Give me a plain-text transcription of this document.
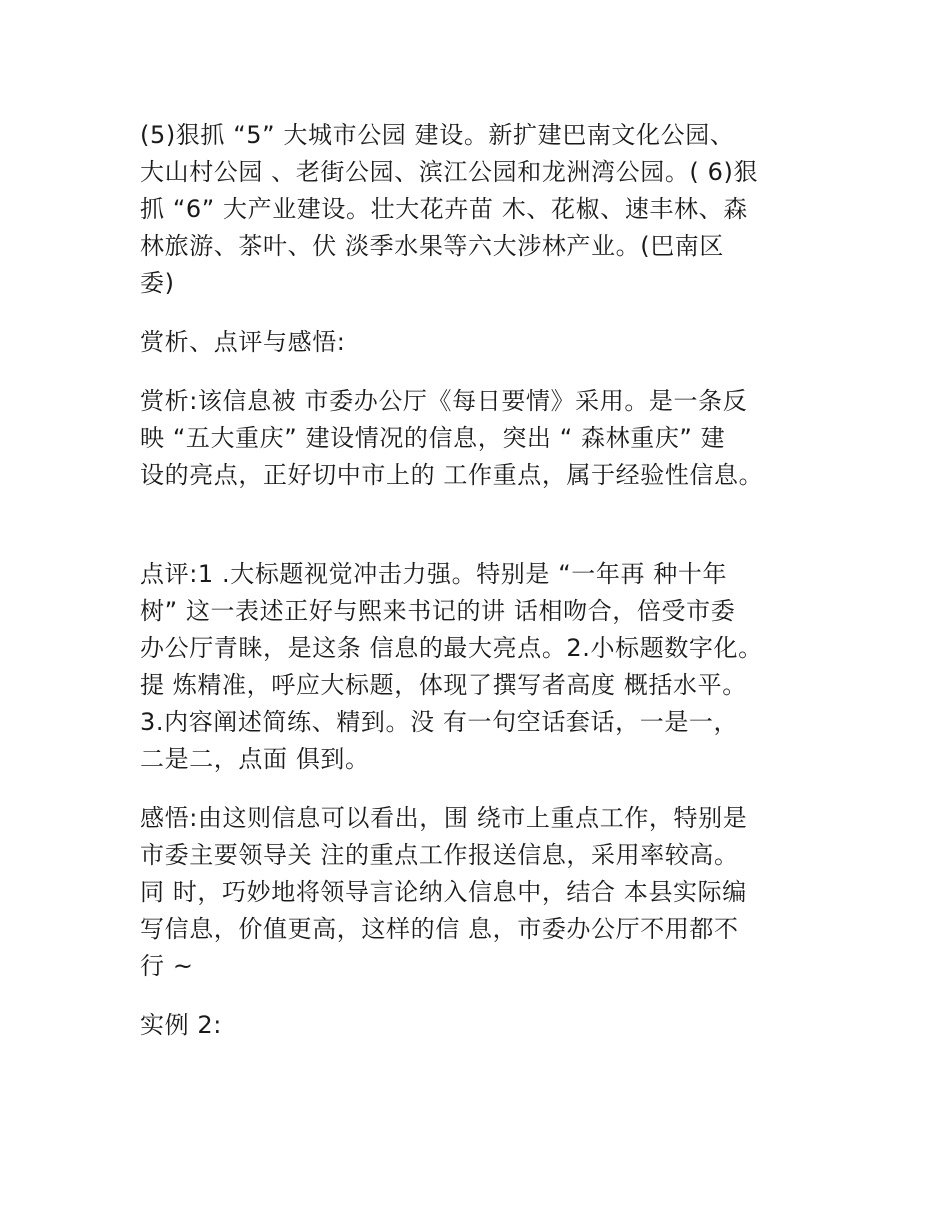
(5)狠抓 “5” 大城市公园 建设。新扩建巴南文化公园、
大山村公园 、老街公园、滨江公园和龙洲湾公园。( 6)狠
抓 “6” 大产业建设。壮大花卉苗 木、花椒、速丰林、森
林旅游、茶叶、伏 淡季水果等六大涉林产业。(巴南区
委)

赏析、点评与感悟:

赏析:该信息被 市委办公厅《每日要情》采用。是一条反
映 “五大重庆” 建设情况的信息，突出 “ 森林重庆” 建
设的亮点，正好切中市上的 工作重点，属于经验性信息。

点评:1 .大标题视觉冲击力强。特别是 “一年再 种十年
树” 这一表述正好与熙来书记的讲 话相吻合，倍受市委
办公厅青睐，是这条 信息的最大亮点。2.小标题数字化。
提 炼精准，呼应大标题，体现了撰写者高度 概括水平。
3.内容阐述简练、精到。没 有一句空话套话，一是一，
二是二，点面 俱到。

感悟:由这则信息可以看出，围 绕市上重点工作，特别是
市委主要领导关 注的重点工作报送信息，采用率较高。
同 时，巧妙地将领导言论纳入信息中，结合 本县实际编
写信息，价值更高，这样的信 息，市委办公厅不用都不
行 ~

实例 2:
